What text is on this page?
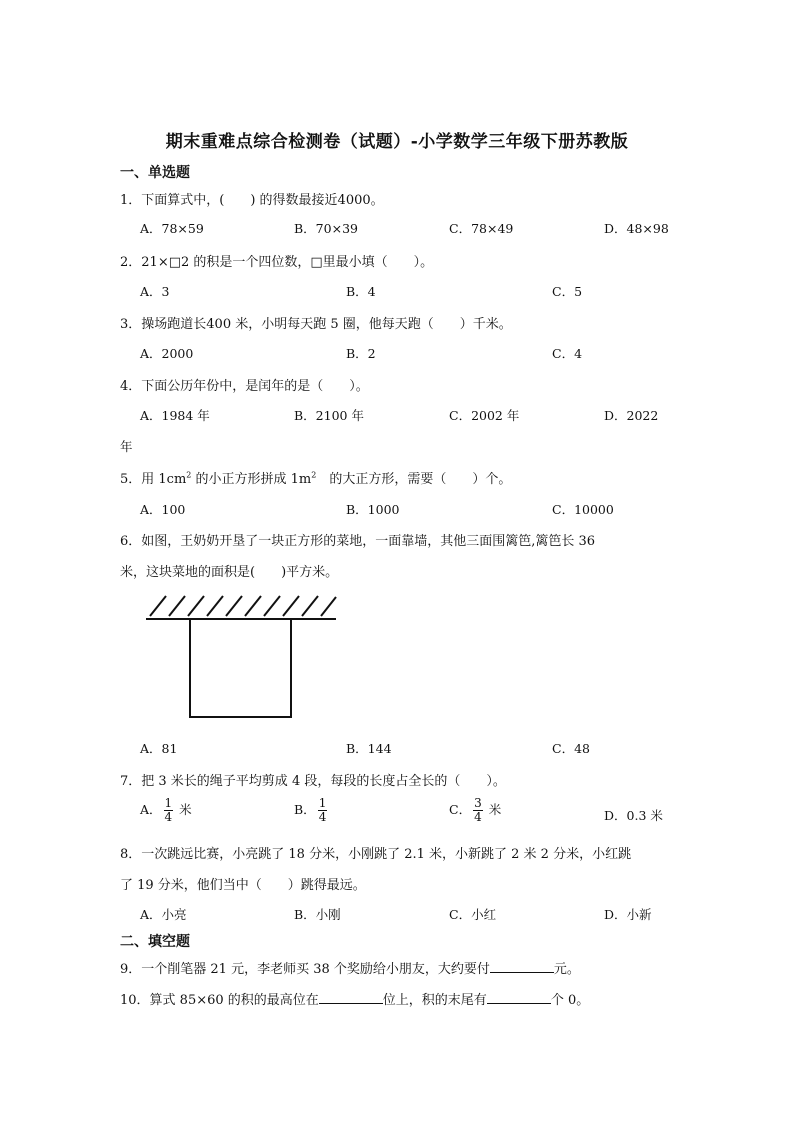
期末重难点综合检测卷（试题）-小学数学三年级下册苏教版
一、单选题
1．下面算式中，(　　) 的得数最接近4000。
A．78×59	B．70×39	C．78×49	D．48×98
2．21×□2 的积是一个四位数，□里最小填（　　）。
A．3	B．4	C．5
3．操场跑道长400 米，小明每天跑 5 圈，他每天跑（　　）千米。
A．2000	B．2	C．4
4．下面公历年份中，是闰年的是（　　）。
A．1984 年	B．2100 年	C．2002 年	D．2022
年
5．用 $1cm^2$ 的小正方形拼成 $1m^2$　的大正方形，需要（　　）个。
A．100	B．1000	C．10000
6．如图，王奶奶开垦了一块正方形的菜地，一面靠墙，其他三面围篱笆,篱笆长 36
米，这块菜地的面积是(　　)平方米。
A．81	B．144	C．48
7．把 3 米长的绳子平均剪成 4 段，每段的长度占全长的（　　）。
A． $\frac{1}{4}$ 米	B． $\frac{1}{4}$	C． $\frac{3}{4}$ 米	D．0.3 米
8．一次跳远比赛，小亮跳了 18 分米，小刚跳了 2.1 米，小新跳了 2 米 2 分米，小红跳
了 19 分米，他们当中（　　）跳得最远。
A．小亮	B．小刚	C．小红	D．小新
二、填空题
9．一个削笔器 21 元，李老师买 38 个奖励给小朋友，大约要付	元。
10．算式 85×60 的积的最高位在	位上，积的末尾有	个 0。
